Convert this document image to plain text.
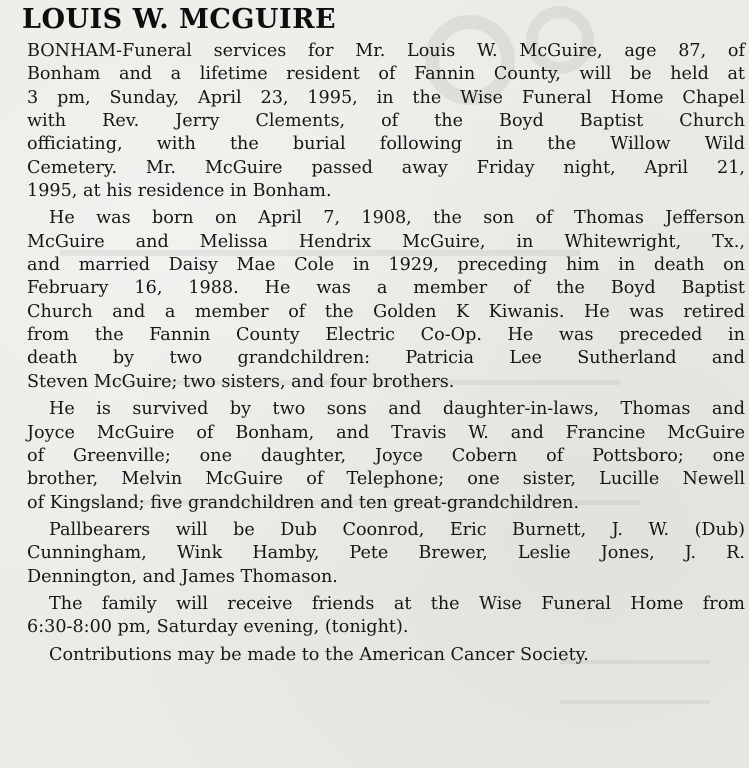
LOUIS W. MCGUIRE
BONHAM-Funeral services for Mr. Louis W. McGuire, age 87, of
Bonham and a lifetime resident of Fannin County, will be held at
3 pm, Sunday, April 23, 1995, in the Wise Funeral Home Chapel
with Rev. Jerry Clements, of the Boyd Baptist Church
officiating, with the burial following in the Willow Wild
Cemetery. Mr. McGuire passed away Friday night, April 21,
1995, at his residence in Bonham.
He was born on April 7, 1908, the son of Thomas Jefferson
McGuire and Melissa Hendrix McGuire, in Whitewright, Tx.,
and married Daisy Mae Cole in 1929, preceding him in death on
February 16, 1988. He was a member of the Boyd Baptist
Church and a member of the Golden K Kiwanis. He was retired
from the Fannin County Electric Co-Op. He was preceded in
death by two grandchildren: Patricia Lee Sutherland and
Steven McGuire; two sisters, and four brothers.
He is survived by two sons and daughter-in-laws, Thomas and
Joyce McGuire of Bonham, and Travis W. and Francine McGuire
of Greenville; one daughter, Joyce Cobern of Pottsboro; one
brother, Melvin McGuire of Telephone; one sister, Lucille Newell
of Kingsland; five grandchildren and ten great-grandchildren.
Pallbearers will be Dub Coonrod, Eric Burnett, J. W. (Dub)
Cunningham, Wink Hamby, Pete Brewer, Leslie Jones, J. R.
Dennington, and James Thomason.
The family will receive friends at the Wise Funeral Home from
6:30-8:00 pm, Saturday evening, (tonight).
Contributions may be made to the American Cancer Society.
